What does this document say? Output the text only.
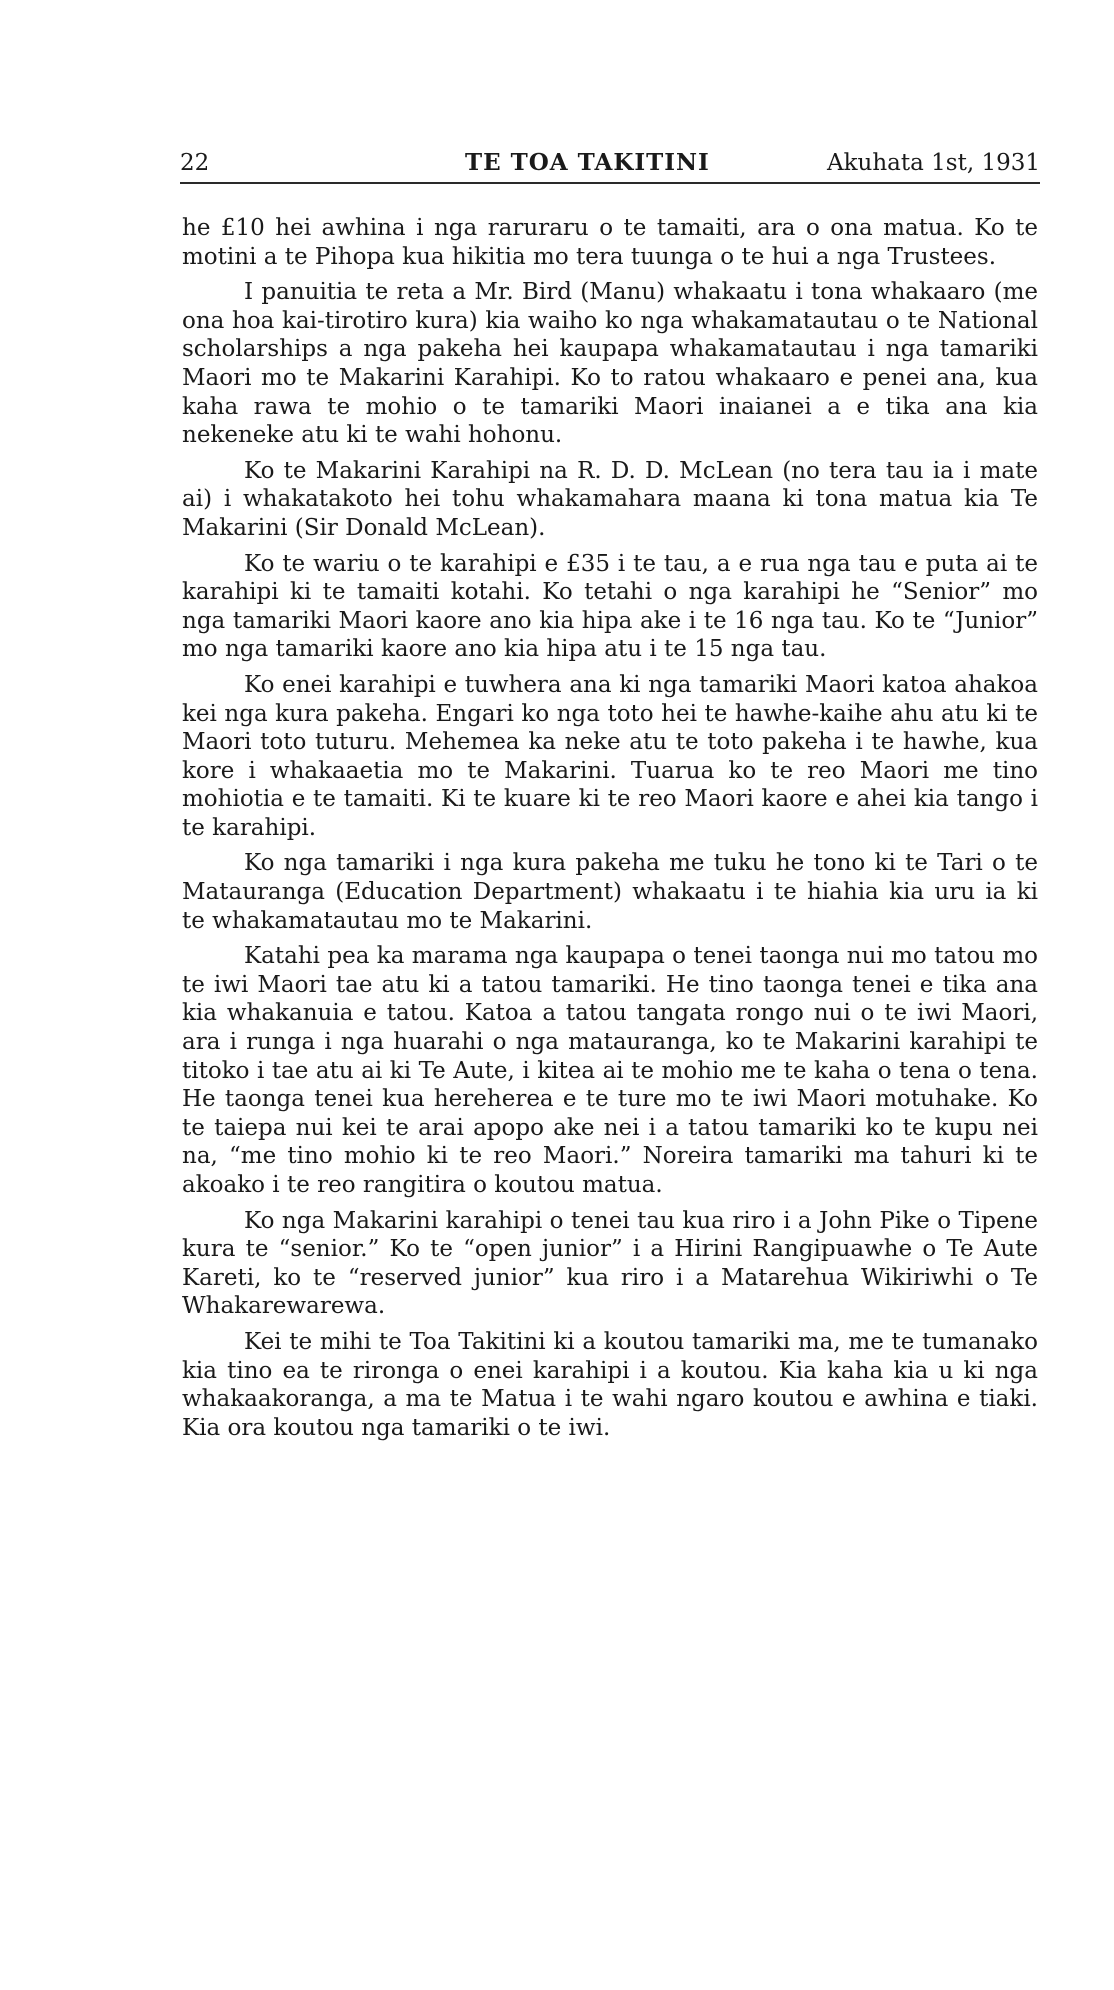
22	TE TOA TAKITINI	Akuhata 1st, 1931

he £10 hei awhina i nga raruraru o te tamaiti, ara o ona matua. Ko te motini a te Pihopa kua hikitia mo tera tuunga o te hui a nga Trustees.

I panuitia te reta a Mr. Bird (Manu) whakaatu i tona whakaaro (me ona hoa kai-tirotiro kura) kia waiho ko nga whakamatautau o te National scholarships a nga pakeha hei kaupapa whakamatautau i nga tamariki Maori mo te Makarini Karahipi. Ko to ratou whakaaro e penei ana, kua kaha rawa te mohio o te tamariki Maori inaianei a e tika ana kia nekeneke atu ki te wahi hohonu.

Ko te Makarini Karahipi na R. D. D. McLean (no tera tau ia i mate ai) i whakatakoto hei tohu whakamahara maana ki tona matua kia Te Makarini (Sir Donald McLean).

Ko te wariu o te karahipi e £35 i te tau, a e rua nga tau e puta ai te karahipi ki te tamaiti kotahi. Ko tetahi o nga karahipi he “Senior” mo nga tamariki Maori kaore ano kia hipa ake i te 16 nga tau. Ko te “Junior” mo nga tamariki kaore ano kia hipa atu i te 15 nga tau.

Ko enei karahipi e tuwhera ana ki nga tamariki Maori katoa ahakoa kei nga kura pakeha. Engari ko nga toto hei te hawhe-kaihe ahu atu ki te Maori toto tuturu. Mehemea ka neke atu te toto pakeha i te hawhe, kua kore i whakaaetia mo te Makarini. Tuarua ko te reo Maori me tino mohiotia e te tamaiti. Ki te kuare ki te reo Maori kaore e ahei kia tango i te karahipi.

Ko nga tamariki i nga kura pakeha me tuku he tono ki te Tari o te Matauranga (Education Department) whakaatu i te hiahia kia uru ia ki te whakamatautau mo te Makarini.

Katahi pea ka marama nga kaupapa o tenei taonga nui mo tatou mo te iwi Maori tae atu ki a tatou tamariki. He tino taonga tenei e tika ana kia whakanuia e tatou. Katoa a tatou tangata rongo nui o te iwi Maori, ara i runga i nga huarahi o nga matauranga, ko te Makarini karahipi te titoko i tae atu ai ki Te Aute, i kitea ai te mohio me te kaha o tena o tena. He taonga tenei kua hereherea e te ture mo te iwi Maori motuhake. Ko te taiepa nui kei te arai apopo ake nei i a tatou tamariki ko te kupu nei na, “me tino mohio ki te reo Maori.” Noreira tamariki ma tahuri ki te akoako i te reo rangitira o koutou matua.

Ko nga Makarini karahipi o tenei tau kua riro i a John Pike o Tipene kura te “senior.” Ko te “open junior” i a Hirini Rangipuawhe o Te Aute Kareti, ko te “reserved junior” kua riro i a Matarehua Wikiriwhi o Te Whakarewarewa.

Kei te mihi te Toa Takitini ki a koutou tamariki ma, me te tumanako kia tino ea te rironga o enei karahipi i a koutou. Kia kaha kia u ki nga whakaakoranga, a ma te Matua i te wahi ngaro koutou e awhina e tiaki. Kia ora koutou nga tamariki o te iwi.
